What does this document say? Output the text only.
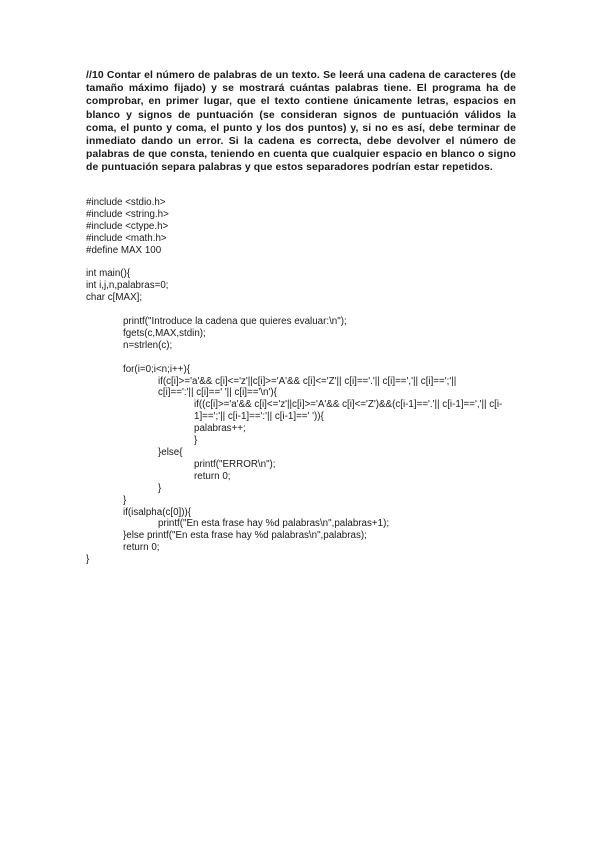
//10 Contar el número de palabras de un texto. Se leerá una cadena de caracteres (de tamaño máximo fijado) y se mostrará cuántas palabras tiene. El programa ha de comprobar, en primer lugar, que el texto contiene únicamente letras, espacios en blanco y signos de puntuación (se consideran signos de puntuación válidos la coma, el punto y coma, el punto y los dos puntos) y, si no es así, debe terminar de inmediato dando un error. Si la cadena es correcta, debe devolver el número de palabras de que consta, teniendo en cuenta que cualquier espacio en blanco o signo de puntuación separa palabras y que estos separadores podrían estar repetidos.

#include <stdio.h>
#include <string.h>
#include <ctype.h>
#include <math.h>
#define MAX 100
int main(){
int i,j,n,palabras=0;
char c[MAX];
printf("Introduce la cadena que quieres evaluar:\n");
fgets(c,MAX,stdin);
n=strlen(c);
for(i=0;i<n;i++){
if(c[i]>='a'&& c[i]<='z'||c[i]>='A'&& c[i]<='Z'|| c[i]=='.'|| c[i]==','|| c[i]==';'||
c[i]==':'|| c[i]==' '|| c[i]=='\n'){
if((c[i]>='a'&& c[i]<='z'||c[i]>='A'&& c[i]<='Z')&&(c[i-1]=='.'|| c[i-1]==','|| c[i-1]==';'|| c[i-1]==':'|| c[i-1]==' ')){
palabras++;
}
}else{
printf("ERROR\n");
return 0;
}
}
if(isalpha(c[0])){
printf("En esta frase hay %d palabras\n",palabras+1);
}else printf("En esta frase hay %d palabras\n",palabras);
return 0;
}
